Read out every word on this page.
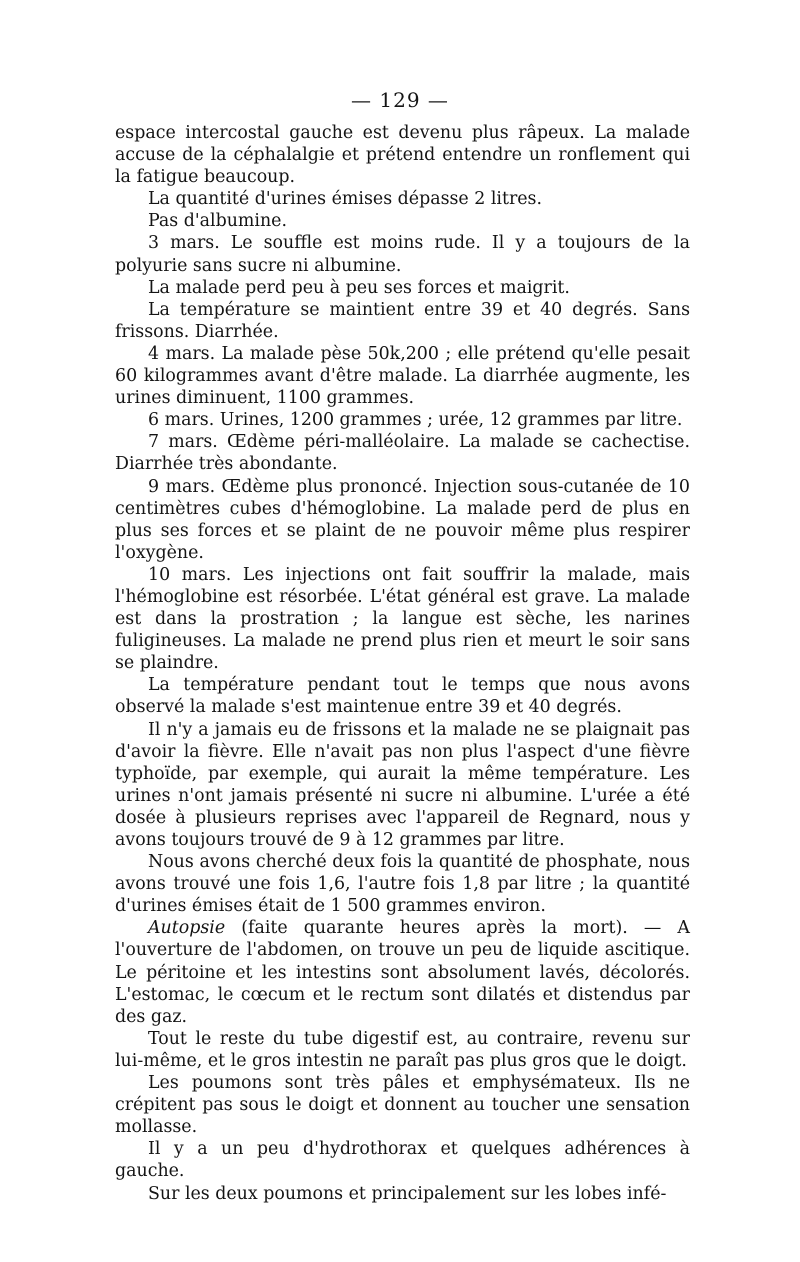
— 129 —

espace intercostal gauche est devenu plus râpeux. La malade accuse de la céphalalgie et prétend entendre un ronflement qui la fatigue beaucoup.

La quantité d'urines émises dépasse 2 litres.

Pas d'albumine.

3 mars. Le souffle est moins rude. Il y a toujours de la polyurie sans sucre ni albumine.

La malade perd peu à peu ses forces et maigrit.

La température se maintient entre 39 et 40 degrés. Sans frissons. Diarrhée.

4 mars. La malade pèse 50k,200 ; elle prétend qu'elle pesait 60 kilogrammes avant d'être malade. La diarrhée augmente, les urines diminuent, 1100 grammes.

6 mars. Urines, 1200 grammes ; urée, 12 grammes par litre.

7 mars. Œdème péri-malléolaire. La malade se cachectise. Diarrhée très abondante.

9 mars. Œdème plus prononcé. Injection sous-cutanée de 10 centimètres cubes d'hémoglobine. La malade perd de plus en plus ses forces et se plaint de ne pouvoir même plus respirer l'oxygène.

10 mars. Les injections ont fait souffrir la malade, mais l'hémoglobine est résorbée. L'état général est grave. La malade est dans la prostration ; la langue est sèche, les narines fuligineuses. La malade ne prend plus rien et meurt le soir sans se plaindre.

La température pendant tout le temps que nous avons observé la malade s'est maintenue entre 39 et 40 degrés.

Il n'y a jamais eu de frissons et la malade ne se plaignait pas d'avoir la fièvre. Elle n'avait pas non plus l'aspect d'une fièvre typhoïde, par exemple, qui aurait la même température. Les urines n'ont jamais présenté ni sucre ni albumine. L'urée a été dosée à plusieurs reprises avec l'appareil de Regnard, nous y avons toujours trouvé de 9 à 12 grammes par litre.

Nous avons cherché deux fois la quantité de phosphate, nous avons trouvé une fois 1,6, l'autre fois 1,8 par litre ; la quantité d'urines émises était de 1 500 grammes environ.

Autopsie (faite quarante heures après la mort). — A l'ouverture de l'abdomen, on trouve un peu de liquide ascitique. Le péritoine et les intestins sont absolument lavés, décolorés. L'estomac, le cœcum et le rectum sont dilatés et distendus par des gaz.

Tout le reste du tube digestif est, au contraire, revenu sur lui-même, et le gros intestin ne paraît pas plus gros que le doigt.

Les poumons sont très pâles et emphysémateux. Ils ne crépitent pas sous le doigt et donnent au toucher une sensation mollasse.

Il y a un peu d'hydrothorax et quelques adhérences à gauche.

Sur les deux poumons et principalement sur les lobes infé-
